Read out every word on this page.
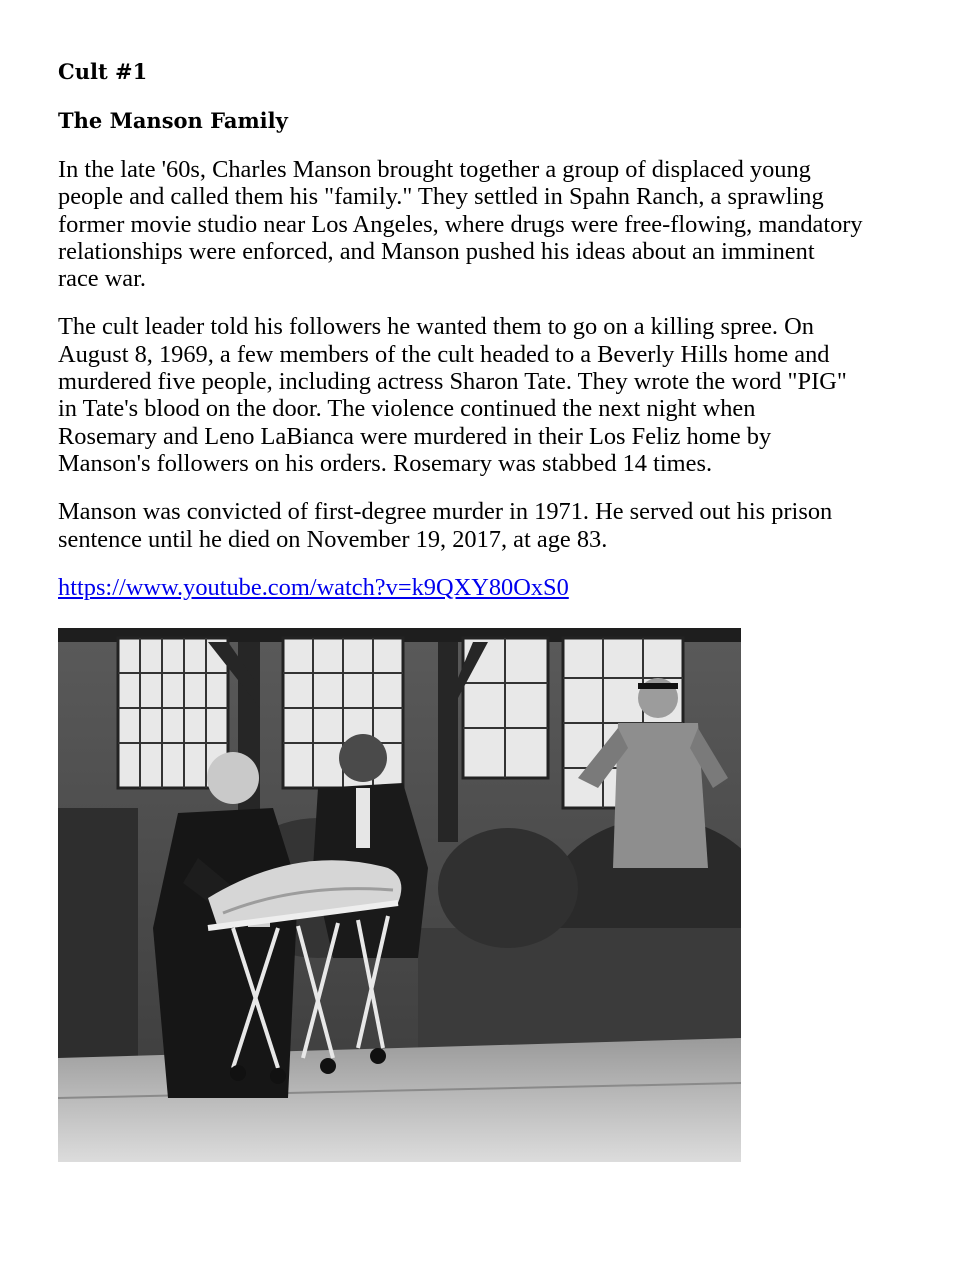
Cult #1
The Manson Family

In the late '60s, Charles Manson brought together a group of displaced young
people and called them his "family." They settled in Spahn Ranch, a sprawling
former movie studio near Los Angeles, where drugs were free-flowing, mandatory
relationships were enforced, and Manson pushed his ideas about an imminent
race war.

The cult leader told his followers he wanted them to go on a killing spree. On
August 8, 1969, a few members of the cult headed to a Beverly Hills home and
murdered five people, including actress Sharon Tate. They wrote the word "PIG"
in Tate's blood on the door. The violence continued the next night when
Rosemary and Leno LaBianca were murdered in their Los Feliz home by
Manson's followers on his orders. Rosemary was stabbed 14 times.

Manson was convicted of first-degree murder in 1971. He served out his prison
sentence until he died on November 19, 2017, at age 83.

https://www.youtube.com/watch?v=k9QXY80OxS0
